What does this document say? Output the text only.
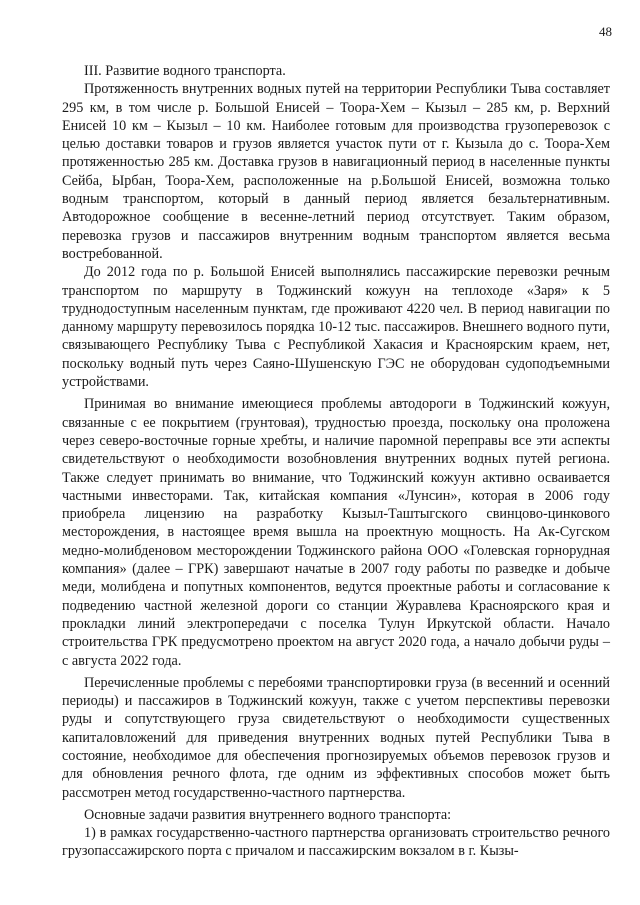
48

III. Развитие водного транспорта.

Протяженность внутренних водных путей на территории Республики Тыва составляет 295 км, в том числе р. Большой Енисей – Тоора-Хем – Кызыл – 285 км, р. Верхний Енисей 10 км – Кызыл – 10 км. Наиболее готовым для производства грузоперевозок с целью доставки товаров и грузов является участок пути от г. Кызыла до с. Тоора-Хем протяженностью 285 км. Доставка грузов в навигационный период в населенные пункты Сейба, Ырбан, Тоора-Хем, расположенные на р.Большой Енисей, возможна только водным транспортом, который в данный период является безальтернативным. Автодорожное сообщение в весенне-летний период отсутствует. Таким образом, перевозка грузов и пассажиров внутренним водным транспортом является весьма востребованной.

До 2012 года по р. Большой Енисей выполнялись пассажирские перевозки речным транспортом по маршруту в Тоджинский кожуун на теплоходе «Заря» к 5 труднодоступным населенным пунктам, где проживают 4220 чел. В период навигации по данному маршруту перевозилось порядка 10-12 тыс. пассажиров. Внешнего водного пути, связывающего Республику Тыва с Республикой Хакасия и Красноярским краем, нет, поскольку водный путь через Саяно-Шушенскую ГЭС не оборудован судоподъемными устройствами.

Принимая во внимание имеющиеся проблемы автодороги в Тоджинский кожуун, связанные с ее покрытием (грунтовая), трудностью проезда, поскольку она проложена через северо-восточные горные хребты, и наличие паромной переправы все эти аспекты свидетельствуют о необходимости возобновления внутренних водных путей региона. Также следует принимать во внимание, что Тоджинский кожуун активно осваивается частными инвесторами. Так, китайская компания «Лунсин», которая в 2006 году приобрела лицензию на разработку Кызыл-Таштыгского свинцово-цинкового месторождения, в настоящее время вышла на проектную мощность. На Ак-Сугском медно-молибденовом месторождении Тоджинского района ООО «Голевская горнорудная компания» (далее – ГРК) завершают начатые в 2007 году работы по разведке и добыче меди, молибдена и попутных компонентов, ведутся проектные работы и согласование к подведению частной железной дороги со станции Журавлева Красноярского края и прокладки линий электропередачи с поселка Тулун Иркутской области. Начало строительства ГРК предусмотрено проектом на август 2020 года, а начало добычи руды – с августа 2022 года.

Перечисленные проблемы с перебоями транспортировки груза (в весенний и осенний периоды) и пассажиров в Тоджинский кожуун, также с учетом перспективы перевозки руды и сопутствующего груза свидетельствуют о необходимости существенных капиталовложений для приведения внутренних водных путей Республики Тыва в состояние, необходимое для обеспечения прогнозируемых объемов перевозок грузов и для обновления речного флота, где одним из эффективных способов может быть рассмотрен метод государственно-частного партнерства.

Основные задачи развития внутреннего водного транспорта:

1) в рамках государственно-частного партнерства организовать строительство речного грузопассажирского порта с причалом и пассажирским вокзалом в г. Кызы-
